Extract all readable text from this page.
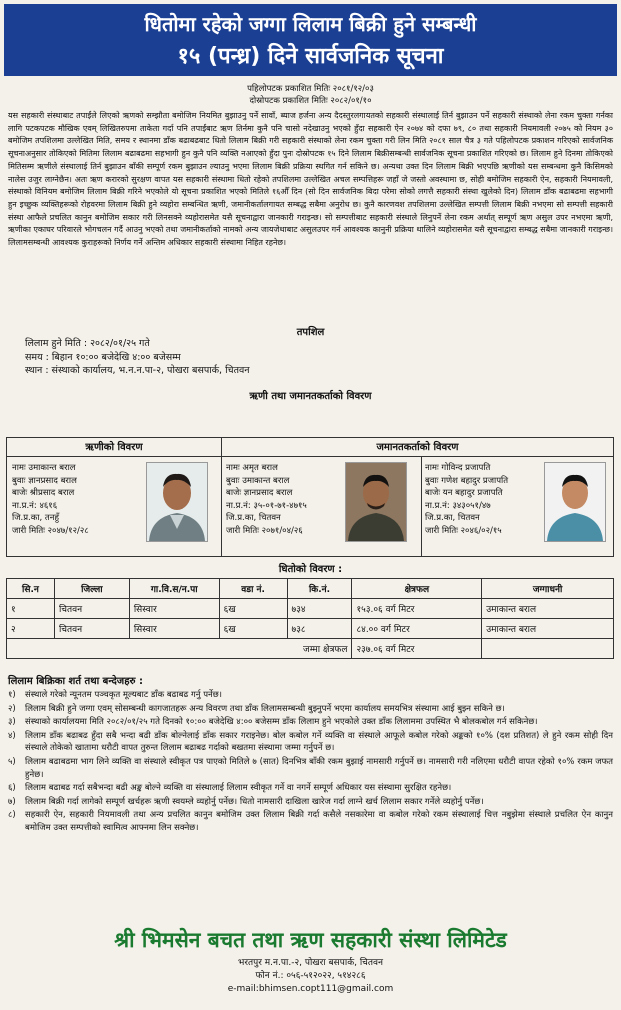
धितोमा रहेको जग्गा लिलाम बिक्री हुने सम्बन्धी
१५ (पन्ध्र) दिने सार्वजनिक सूचना
पहिलोपटक प्रकाशित मितिः २०८१/१२/०३
दोस्रोपटक प्रकाशित मितिः २०८२/०१/१०
यस सहकारी संस्थाबाट तपाईंले लिएको ऋणको सम्झौता बमोजिम नियमित बुझाउनु पर्ने सावाँ, ब्याज हर्जना अन्य दैदस्तुरलगायतको सहकारी संस्थालाई तिर्न बुझाउन पर्ने सहकारी संस्थाको लेना रकम चुक्ता गर्नका लागि पटकपटक मौखिक एवम् लिखितरुपमा ताकेता गर्दा पनि तपाईंबाट ऋण तिर्नमा कुनै पनि चासो नदेखाउनु भएको हुँदा सहकारी ऐन २०७४ को दफा ७९, ८० तथा सहकारी नियमावली २०७५ को नियम ३० बमोजिम तपशिलमा उल्लेखित मिति, समय र स्थानमा डाँक बढाबढबाट धितो लिलाम बिक्री गरी सहकारी संस्थाको लेना रकम चुक्ता गरी लिन मिति २०८१ साल चैत्र ३ गते पहिलोपटक प्रकाशन गरिएको सार्वजनिक सूचनाअनुसार तोकिएको मितिमा लिलाम बढाबढमा सहभागी हुन कुनै पनि व्यक्ति नआएको हुँदा पुनः दोस्रोपटक १५ दिने लिलाम बिक्रीसम्बन्धी सार्वजनिक सूचना प्रकाशित गरिएको छ। लिलाम हुने दिनमा तोकिएको मितिसम्म ऋणीले संस्थालाई तिर्न बुझाउन बाँकी सम्पूर्ण रकम बुझाउन ल्याउनु भएमा लिलाम बिक्री प्रक्रिया स्थगित गर्न सकिने छ। अन्यथा उक्त दिन लिलाम बिक्री भएपछि ऋणीको यस सम्बन्धमा कुनै किसिमको नालेस उजुर लाग्नेछैन। अतः ऋण करारको सुरक्षण वापत यस सहकारी संस्थामा धितो रहेको तपशिलमा उल्लेखित अचल सम्पत्तिहरू जहाँ जे जस्तो अवस्थामा छ, सोही बमोजिम सहकारी ऐन, सहकारी नियमावली, संस्थाको विनियम बमोजिम लिलाम बिक्री गरिने भएकोले यो सूचना प्रकाशित भएको मितिले १६औँ दिन (सो दिन सार्वजनिक बिदा परेमा सोको लगत्तै सहकारी संस्था खुलेको दिन) लिलाम डाँक बढाबढमा सहभागी हुन इच्छुक व्यक्तिहरूको रोहवरमा लिलाम बिक्री हुने व्यहोरा सम्बन्धित ऋणी, जमानीकर्तालगायत सम्बद्ध सबैमा अनुरोध छ। कुनै कारणवश तपशिलमा उल्लेखित सम्पत्ती लिलाम बिक्री नभएमा सो सम्पत्ती सहकारी संस्था आफैले प्रचलित कानुन बमोजिम सकार गरी लिनसक्ने व्यहोरासमेत यसै सूचनाद्वारा जानकारी गराइन्छ। सो सम्पत्तीबाट सहकारी संस्थाले लिनुपर्ने लेना रकम अर्थात् सम्पूर्ण ऋण असुल उपर नभएमा ऋणी, ऋणीका एकाघर परिवारले भोगचलन गर्दै आउनु भएको तथा जमानीकर्ताको नामको अन्य जायजेथाबाट असुलउपर गर्न आवश्यक कानुनी प्रक्रिया थालिने व्यहोरासमेत यसै सूचनाद्वारा सम्बद्ध सबैमा जानकारी गराइन्छ। लिलामसम्बन्धी आवश्यक कुराहरूको निर्णय गर्ने अन्तिम अधिकार सहकारी संस्थामा निहित रहनेछ।
तपशिल
लिलाम हुने मिति : २०८२/०१/२५ गते
समय : बिहान १०:०० बजेदेखि ४:०० बजेसम्म
स्थान : संस्थाको कार्यालय, भ.न.न.पा-२, पोखरा बसपार्क, चितवन
ऋणी तथा जमानतकर्ताको विवरण
ऋणीको विवरण	जमानतकर्ताको विवरण
नामः उमाकान्त बराल
बुवाः ज्ञानप्रसाद बराल
बाजेः श्रीप्रसाद बराल
ना.प्र.नं: ४६१६
जि.प्र.का, तनहुँ
जारी मितिः २०४७/१२/२८
नामः अमृत बराल
बुवाः उमाकान्त बराल
बाजेः ज्ञानप्रसाद बराल
ना.प्र.नं: ३५-०१-७१-४७१५
जि.प्र.का, चितवन
जारी मितिः २०७१/०४/२६
नामः गोविन्द प्रजापति
बुवाः गणेश बहादुर प्रजापति
बाजेः यन बहादुर प्रजापति
ना.प्र.नं: ३४३०५१/४७
जि.प्र.का, चितवन
जारी मितिः २०४६/०२/१५
धितोको विवरण :
सि.न	जिल्ला	गा.वि.स/न.पा	वडा नं.	कि.नं.	क्षेत्रफल	जग्गाधनी
१	चितवन	सिस्वार	६ख	७३४	१५३.०६ वर्ग मिटर	उमाकान्त बराल
२	चितवन	सिस्वार	६ख	७३८	८४.०० वर्ग मिटर	उमाकान्त बराल
जम्मा क्षेत्रफल					२३७.०६ वर्ग मिटर	
लिलाम बिक्रिका शर्त तथा बन्देजहरु :
१) संस्थाले गरेको न्यूनतम पञ्चकृत मूल्यबाट डाँक बढाबढ गर्नु पर्नेछ।
२) लिलाम बिक्री हुने जग्गा एवम् सोसम्बन्धी कागजातहरू अन्य विवरण तथा डाँक लिलामसम्बन्धी बुझ्नुपर्ने भएमा कार्यालय समयभित्र संस्थामा आई बुझ्न सकिने छ।
३) संस्थाको कार्यालयमा मिति २०८२/०१/२५ गते दिनको १०:०० बजेदेखि ४:०० बजेसम्म डाँक लिलाम हुने भएकोले उक्त डाँक लिलाममा उपस्थित भै बोलकबोल गर्न सकिनेछ।
४) लिलाम डाँक बढाबढ हुँदा सबै भन्दा बढी डाँक बोल्नेलाई डाँक सकार गराइनेछ। बोल कबोल गर्ने व्यक्ति वा संस्थाले आफूले कबोल गरेको अङ्कको १०% (दश प्रतिशत) ले हुने रकम सोही दिन संस्थाले तोकेको खातामा धरौटी वापत तुरुन्त लिलाम बढाबढ गर्दाको बखतमा संस्थामा जम्मा गर्नुपर्ने छ।
५) लिलाम बढाबढमा भाग लिने व्यक्ति वा संस्थाले स्वीकृत पत्र पाएको मितिले ७ (सात) दिनभित्र बाँकी रकम बुझाई नामसारी गर्नुपर्ने छ। नामसारी गरी नलिएमा धरौटी वापत रहेको १०% रकम जफत हुनेछ।
६) लिलाम बढाबढ गर्दा सबैभन्दा बढी अङ्क बोल्ने व्यक्ति वा संस्थालाई लिलाम स्वीकृत गर्ने वा नगर्ने सम्पूर्ण अधिकार यस संस्थामा सुरक्षित रहनेछ।
७) लिलाम बिक्री गर्दा लागेको सम्पूर्ण खर्चहरू ऋणी स्वयम्ले व्यहोर्नु पर्नेछ। धितो नामसारी दाखिला खारेज गर्दा लाग्ने खर्च लिलाम सकार गर्नेले व्यहोर्नु पर्नेछ।
८) सहकारी ऐन, सहकारी नियमावली तथा अन्य प्रचलित कानुन बमोजिम उक्त लिलाम बिक्री गर्दा कसैले नसकारेमा वा कबोल गरेको रकम संस्थालाई चित्त नबुझेमा संस्थाले प्रचलित ऐन कानुन बमोजिम उक्त सम्पत्तीको स्वामित्व आफ्नमा लिन सक्नेछ।
श्री भिमसेन बचत तथा ऋण सहकारी संस्था लिमिटेड
भरतपुर म.न.पा.-२, पोखरा बसपार्क, चितवन
फोन नं.: ०५६-५१२०२२, ५१४२८६
e-mail:bhimsen.copt111@gmail.com
